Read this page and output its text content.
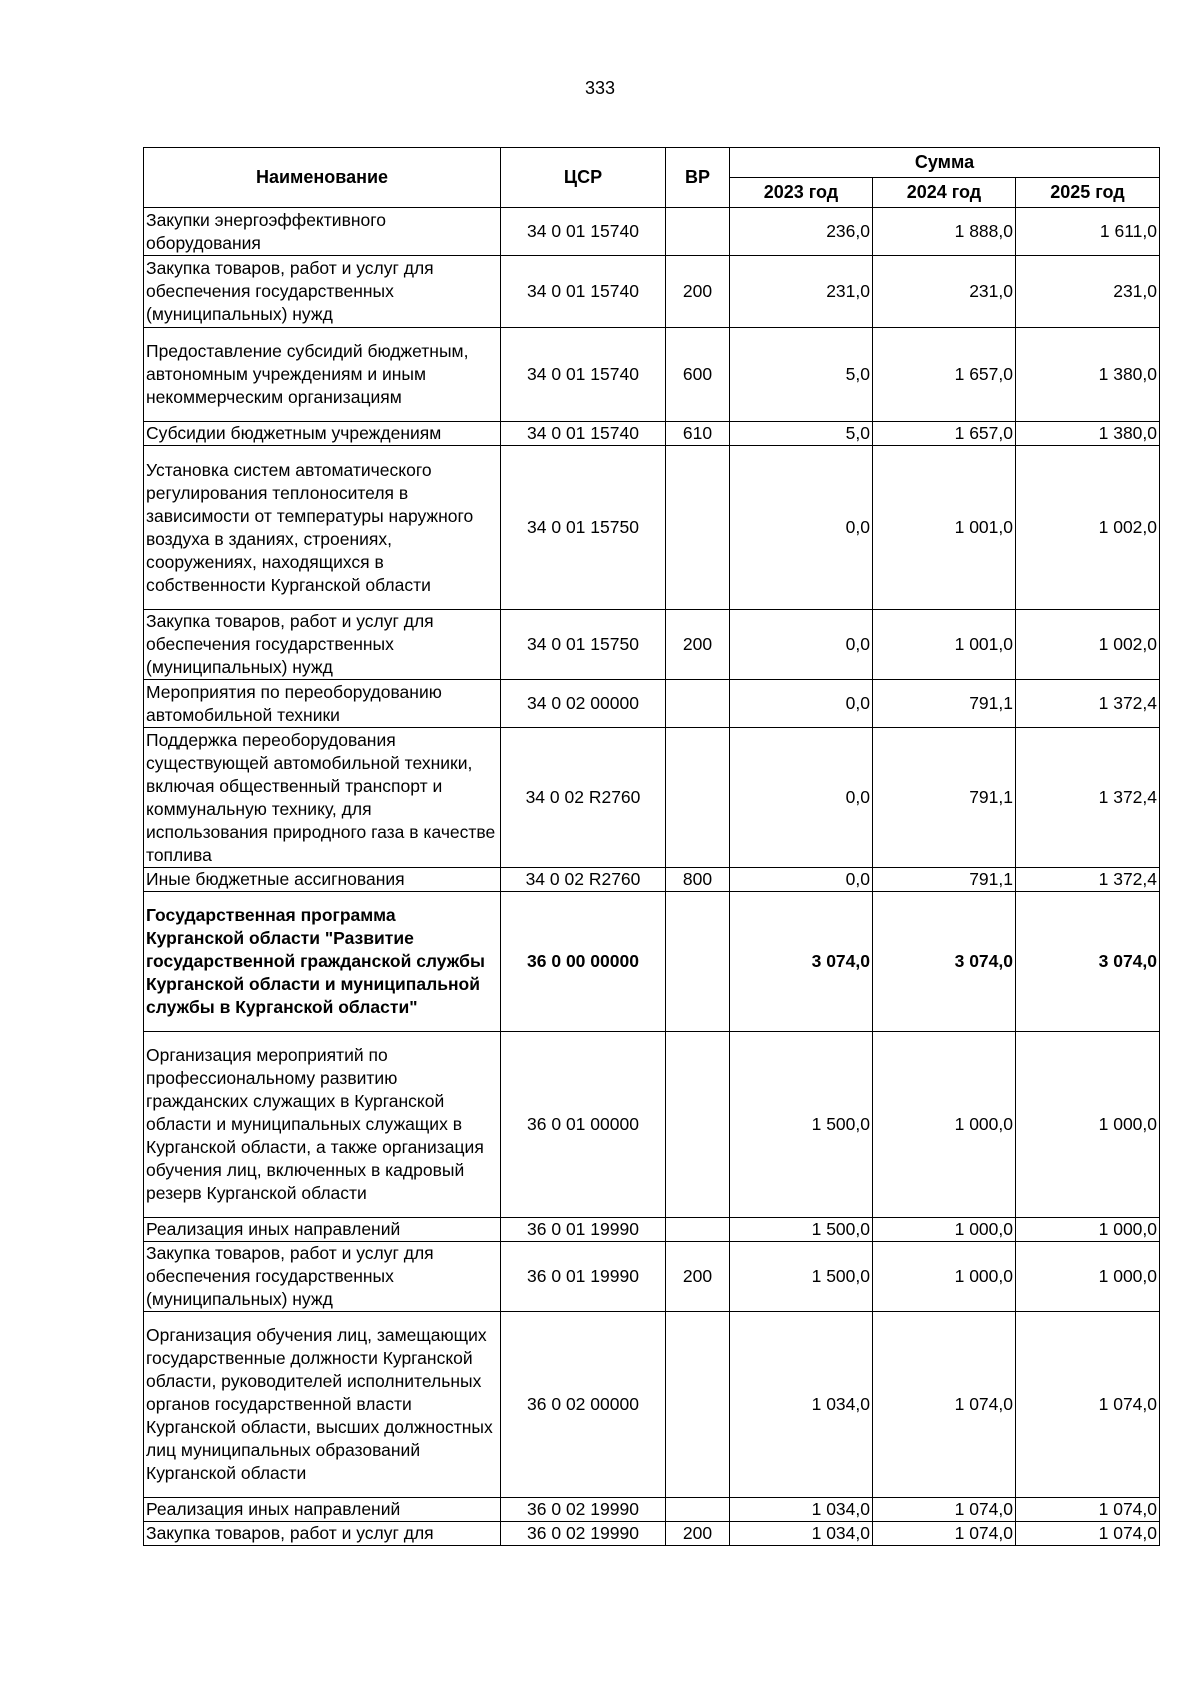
333
Наименование	ЦСР	ВР	Сумма		
			2023 год	2024 год	2025 год
Закупки энергоэффективного оборудования	34 0 01 15740		236,0	1 888,0	1 611,0
Закупка товаров, работ и услуг для обеспечения государственных (муниципальных) нужд	34 0 01 15740	200	231,0	231,0	231,0
Предоставление субсидий бюджетным, автономным учреждениям и иным некоммерческим организациям	34 0 01 15740	600	5,0	1 657,0	1 380,0
Субсидии бюджетным учреждениям	34 0 01 15740	610	5,0	1 657,0	1 380,0
Установка систем автоматического регулирования теплоносителя в зависимости от температуры наружного воздуха в зданиях, строениях, сооружениях, находящихся в собственности Курганской области	34 0 01 15750		0,0	1 001,0	1 002,0
Закупка товаров, работ и услуг для обеспечения государственных (муниципальных) нужд	34 0 01 15750	200	0,0	1 001,0	1 002,0
Мероприятия по переоборудованию автомобильной техники	34 0 02 00000		0,0	791,1	1 372,4
Поддержка переоборудования существующей автомобильной техники, включая общественный транспорт и коммунальную технику, для использования природного газа в качестве топлива	34 0 02 R2760		0,0	791,1	1 372,4
Иные бюджетные ассигнования	34 0 02 R2760	800	0,0	791,1	1 372,4
Государственная программа Курганской области "Развитие государственной гражданской службы Курганской области и муниципальной службы в Курганской области"	36 0 00 00000		3 074,0	3 074,0	3 074,0
Организация мероприятий по профессиональному развитию гражданских служащих в Курганской области и муниципальных служащих в Курганской области, а также организация обучения лиц, включенных в кадровый резерв Курганской области	36 0 01 00000		1 500,0	1 000,0	1 000,0
Реализация иных направлений	36 0 01 19990		1 500,0	1 000,0	1 000,0
Закупка товаров, работ и услуг для обеспечения государственных (муниципальных) нужд	36 0 01 19990	200	1 500,0	1 000,0	1 000,0
Организация обучения лиц, замещающих государственные должности Курганской области, руководителей исполнительных органов государственной власти Курганской области, высших должностных лиц муниципальных образований Курганской области	36 0 02 00000		1 034,0	1 074,0	1 074,0
Реализация иных направлений	36 0 02 19990		1 034,0	1 074,0	1 074,0
Закупка товаров, работ и услуг для	36 0 02 19990	200	1 034,0	1 074,0	1 074,0
